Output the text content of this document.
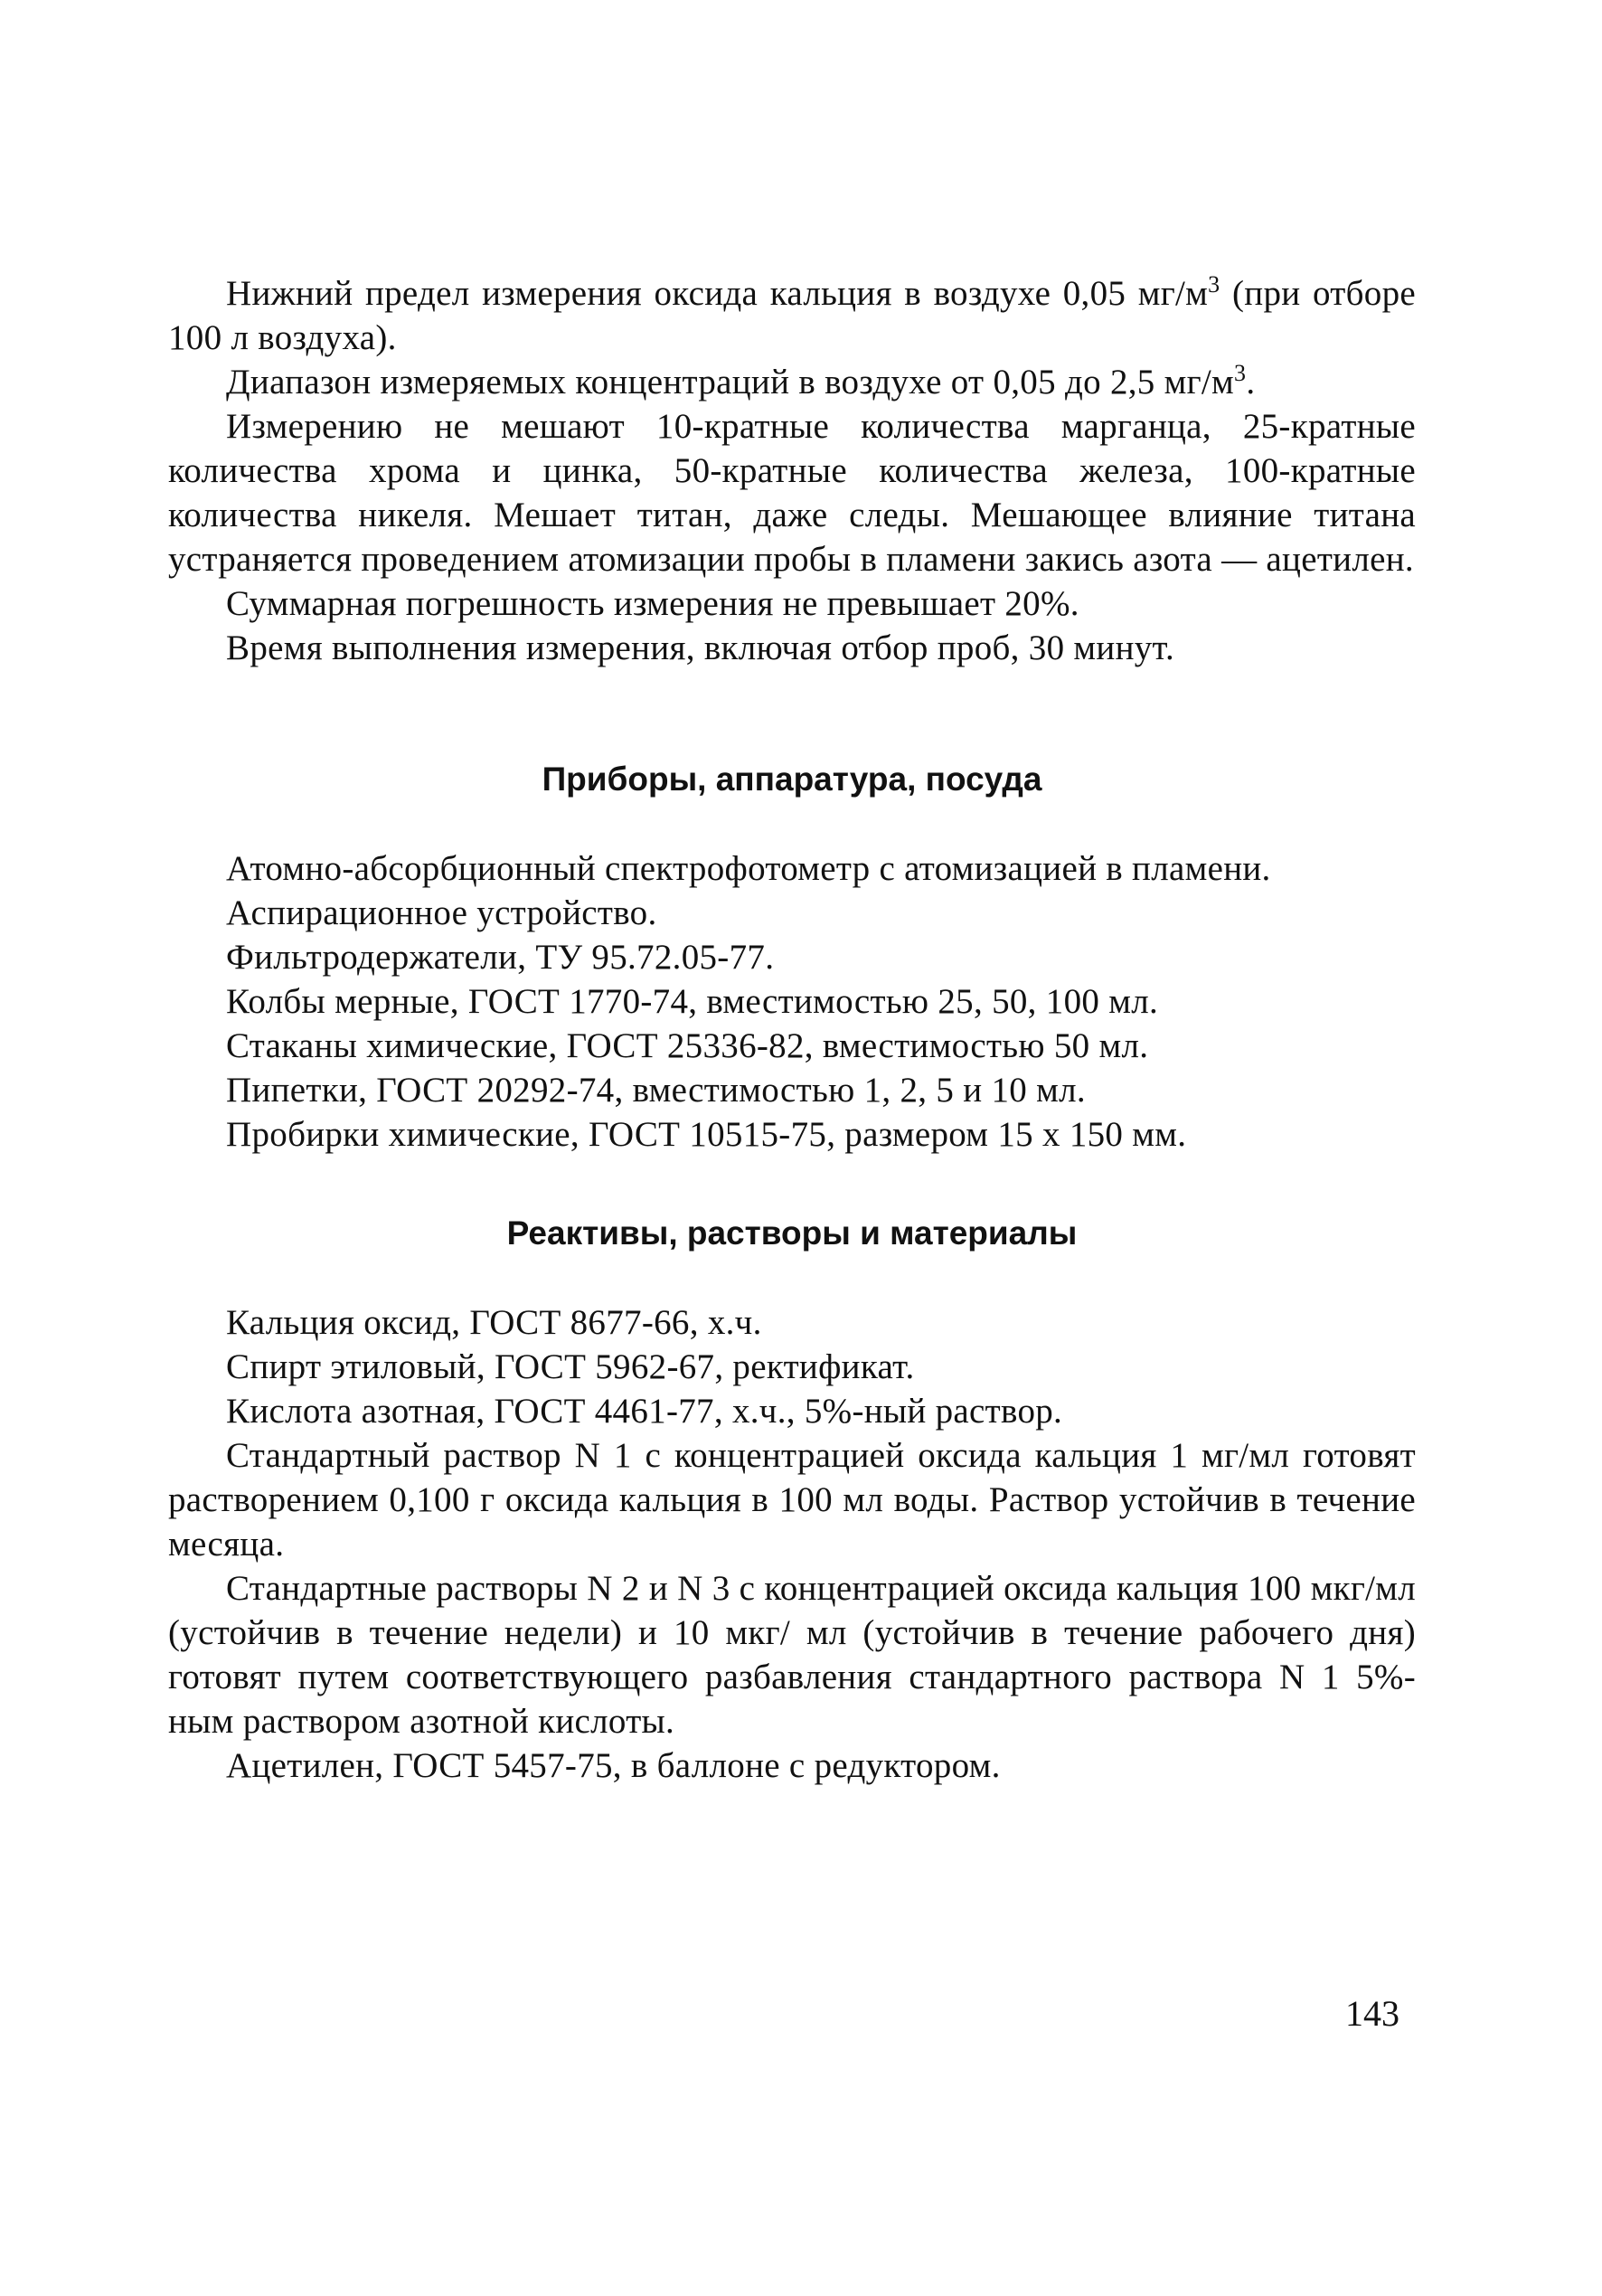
Нижний предел измерения оксида кальция в воздухе 0,05 $мг/м^3$ (при отборе 100 л воздуха).

Диапазон измеряемых концентраций в воздухе от 0,05 до 2,5 $мг/м^3$.

Измерению не мешают 10-кратные количества марганца, 25-кратные количества хрома и цинка, 50-кратные количества железа, 100-кратные количества никеля. Мешает титан, даже следы. Мешающее влияние титана устраняется проведением атомизации пробы в пламени закись азота — ацетилен.

Суммарная погрешность измерения не превышает 20%.

Время выполнения измерения, включая отбор проб, 30 минут.

Приборы, аппаратура, посуда

Атомно-абсорбционный спектрофотометр с атомизацией в пламени.

Аспирационное устройство.

Фильтродержатели, ТУ 95.72.05-77.

Колбы мерные, ГОСТ 1770-74, вместимостью 25, 50, 100 мл.

Стаканы химические, ГОСТ 25336-82, вместимостью 50 мл.

Пипетки, ГОСТ 20292-74, вместимостью 1, 2, 5 и 10 мл.

Пробирки химические, ГОСТ 10515-75, размером 15 х 150 мм.

Реактивы, растворы и материалы

Кальция оксид, ГОСТ 8677-66, х.ч.

Спирт этиловый, ГОСТ 5962-67, ректификат.

Кислота азотная, ГОСТ 4461-77, х.ч., 5%-ный раствор.

Стандартный раствор N 1 с концентрацией оксида кальция 1 мг/мл готовят растворением 0,100 г оксида кальция в 100 мл воды. Раствор устойчив в течение месяца.

Стандартные растворы N 2 и N 3 с концентрацией оксида кальция 100 мкг/мл (устойчив в течение недели) и 10 мкг/ мл (устойчив в течение рабочего дня) готовят путем соответствующего разбавления стандартного раствора N 1 5%-ным раствором азотной кислоты.

Ацетилен, ГОСТ 5457-75, в баллоне с редуктором.

143
